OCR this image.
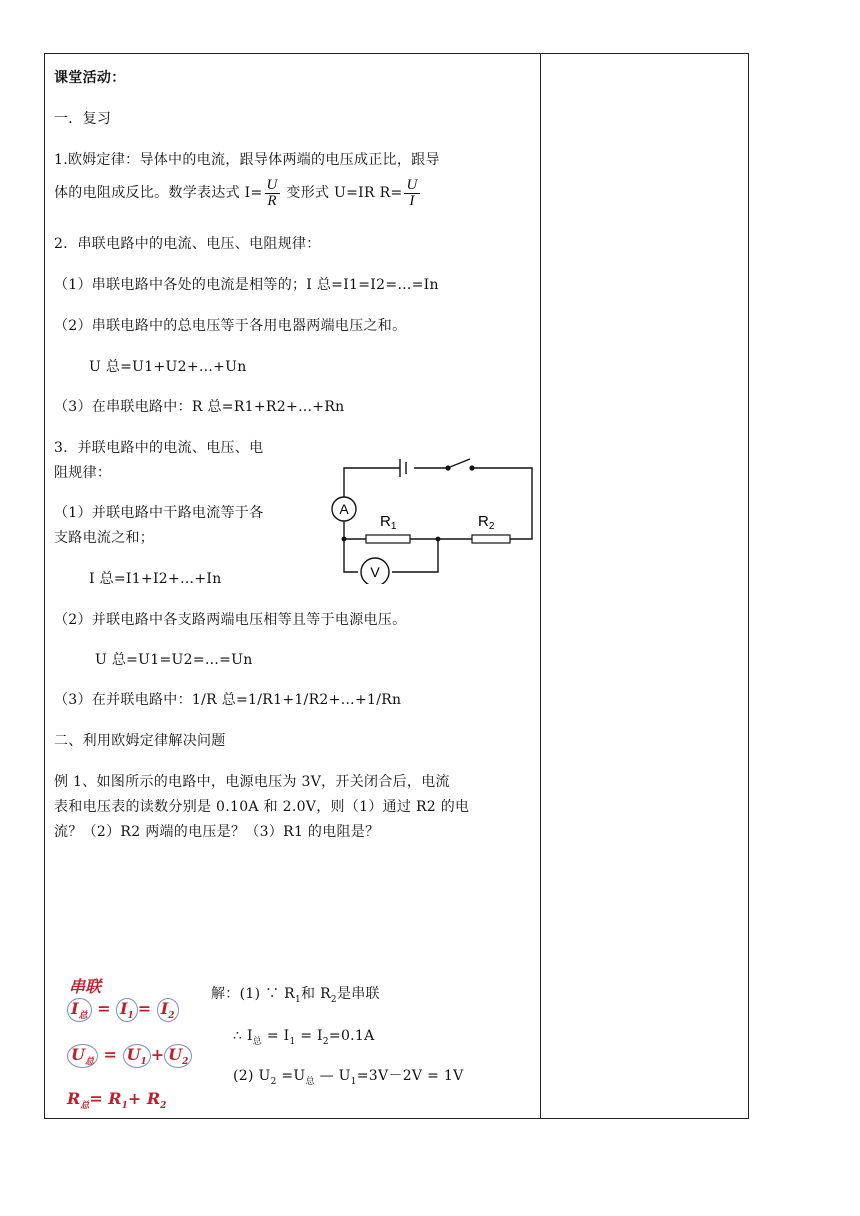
课堂活动：
一．复习
1.欧姆定律：导体中的电流，跟导体两端的电压成正比，跟导
体的电阻成反比。数学表达式 $I= \frac{U}{R}$ 变形式 U=IR $R= \frac{U}{I}$
2．串联电路中的电流、电压、电阻规律：
（1）串联电路中各处的电流是相等的；I 总=I1=I2=…=In
（2）串联电路中的总电压等于各用电器两端电压之和。
U 总=U1+U2+…+Un
（3）在串联电路中：R 总=R1+R2+…+Rn
3．并联电路中的电流、电压、电
阻规律：
（1）并联电路中干路电流等于各
支路电流之和；
I 总=I1+I2+…+In
（2）并联电路中各支路两端电压相等且等于电源电压。
U 总=U1=U2=…=Un
（3）在并联电路中：1/R 总=1/R1+1/R2+…+1/Rn
二、利用欧姆定律解决问题
例 1、如图所示的电路中，电源电压为 3V，开关闭合后，电流
表和电压表的读数分别是 0.10A 和 2.0V，则（1）通过 R2 的电
流？（2）R2 两端的电压是？（3）R1 的电阻是？
A
$R_1$	$R_2$
V
串联
$I_总 = I_1 = I_2$
$U_总 = U_1 + U_2$
$R_总= R_1+ R_2$
解：(1) ∵ $R_1$和 $R_2$是串联
∴ $I_总 = I_1 = I_2=0.1A$
(2) $U_2 =U_总$ — $U_1=3V-2V = 1V$
